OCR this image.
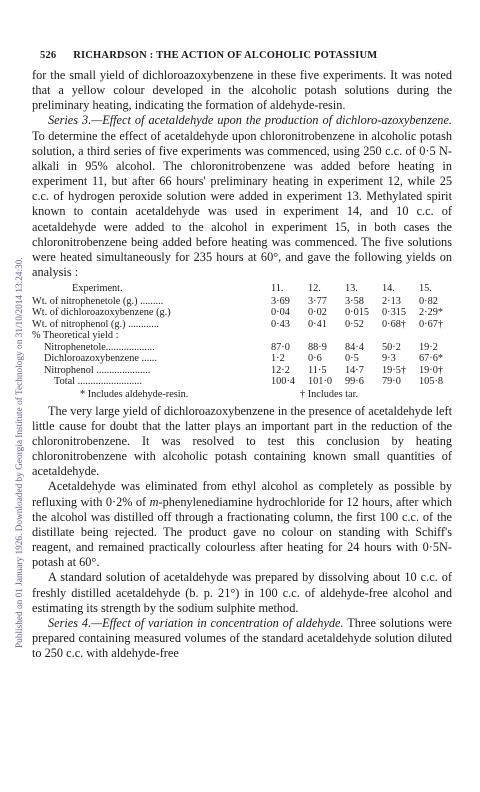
Published on 01 January 1926. Downloaded by Georgia Institute of Technology on 31/10/2014 13:24:30.
526 RICHARDSON : THE ACTION OF ALCOHOLIC POTASSIUM

for the small yield of dichloroazoxybenzene in these five experiments. It was noted that a yellow colour developed in the alcoholic potash solutions during the preliminary heating, indicating the formation of aldehyde-resin.

Series 3.—Effect of acetaldehyde upon the production of dichloro-azoxybenzene. To determine the effect of acetaldehyde upon chloronitrobenzene in alcoholic potash solution, a third series of five experiments was commenced, using 250 c.c. of 0·5 N-alkali in 95% alcohol. The chloronitrobenzene was added before heating in experiment 11, but after 66 hours' preliminary heating in experiment 12, while 25 c.c. of hydrogen peroxide solution were added in experiment 13. Methylated spirit known to contain acetaldehyde was used in experiment 14, and 10 c.c. of acetaldehyde were added to the alcohol in experiment 15, in both cases the chloronitrobenzene being added before heating was commenced. The five solutions were heated simultaneously for 235 hours at 60°, and gave the following yields on analysis :

Experiment.	11.	12.	13.	14.	15.
Wt. of nitrophenetole (g.) .........	3·69	3·77	3·58	2·13	0·82
Wt. of dichloroazoxybenzene (g.)	0·04	0·02	0·015	0·315	2·29*
Wt. of nitrophenol (g.) ............	0·43	0·41	0·52	0·68†	0·67†
% Theoretical yield :					
Nitrophenetole...................	87·0	88·9	84·4	50·2	19·2
Dichloroazoxybenzene ......	1·2	0·6	0·5	9·3	67·6*
Nitrophenol .....................	12·2	11·5	14·7	19·5†	19·0†
Total .........................	100·4	101·0	99·6	79·0	105·8
* Includes aldehyde-resin.	† Includes tar.

The very large yield of dichloroazoxybenzene in the presence of acetaldehyde left little cause for doubt that the latter plays an important part in the reduction of the chloronitrobenzene. It was resolved to test this conclusion by heating chloronitrobenzene with alcoholic potash containing known small quantities of acetaldehyde.

Acetaldehyde was eliminated from ethyl alcohol as completely as possible by refluxing with 0·2% of m-phenylenediamine hydrochloride for 12 hours, after which the alcohol was distilled off through a fractionating column, the first 100 c.c. of the distillate being rejected. The product gave no colour on standing with Schiff's reagent, and remained practically colourless after heating for 24 hours with 0·5N-potash at 60°.

A standard solution of acetaldehyde was prepared by dissolving about 10 c.c. of freshly distilled acetaldehyde (b. p. 21°) in 100 c.c. of aldehyde-free alcohol and estimating its strength by the sodium sulphite method.

Series 4.—Effect of variation in concentration of aldehyde. Three solutions were prepared containing measured volumes of the standard acetaldehyde solution diluted to 250 c.c. with aldehyde-free
